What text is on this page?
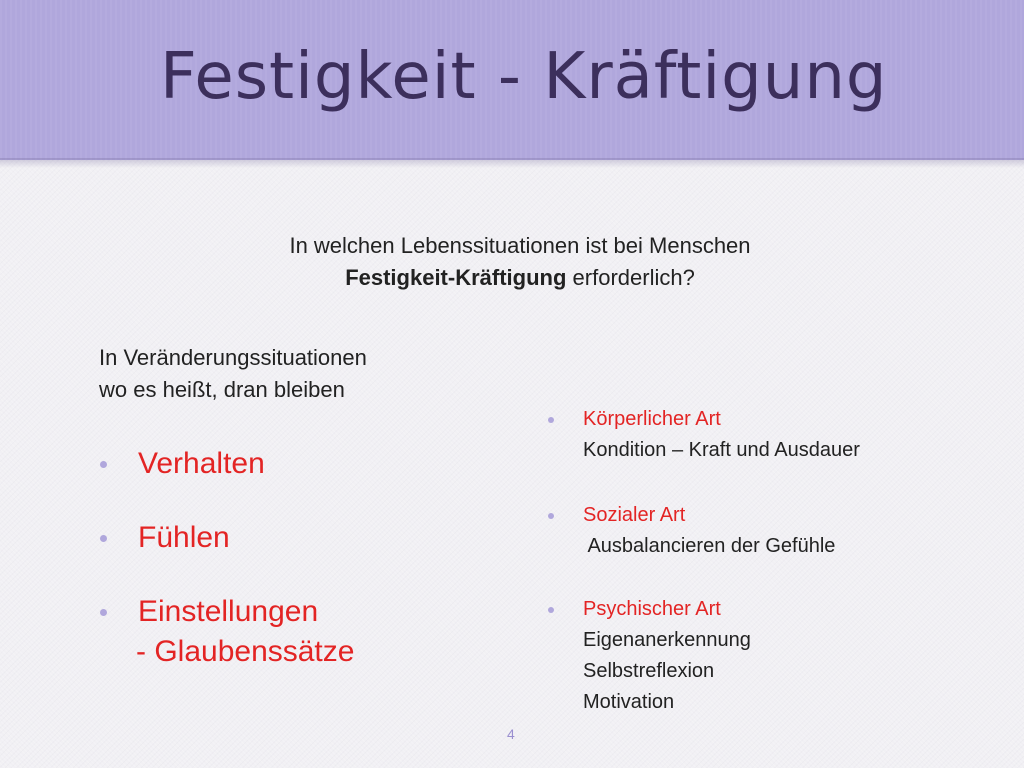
Festigkeit - Kräftigung
In welchen Lebenssituationen ist bei Menschen
Festigkeit-Kräftigung erforderlich?
In Veränderungssituationen
wo es heißt, dran bleiben
Verhalten
Fühlen
Einstellungen
- Glaubenssätze
Körperlicher Art
Kondition – Kraft und Ausdauer
Sozialer Art
Ausbalancieren der Gefühle
Psychischer Art
Eigenanerkennung
Selbstreflexion
Motivation
4
